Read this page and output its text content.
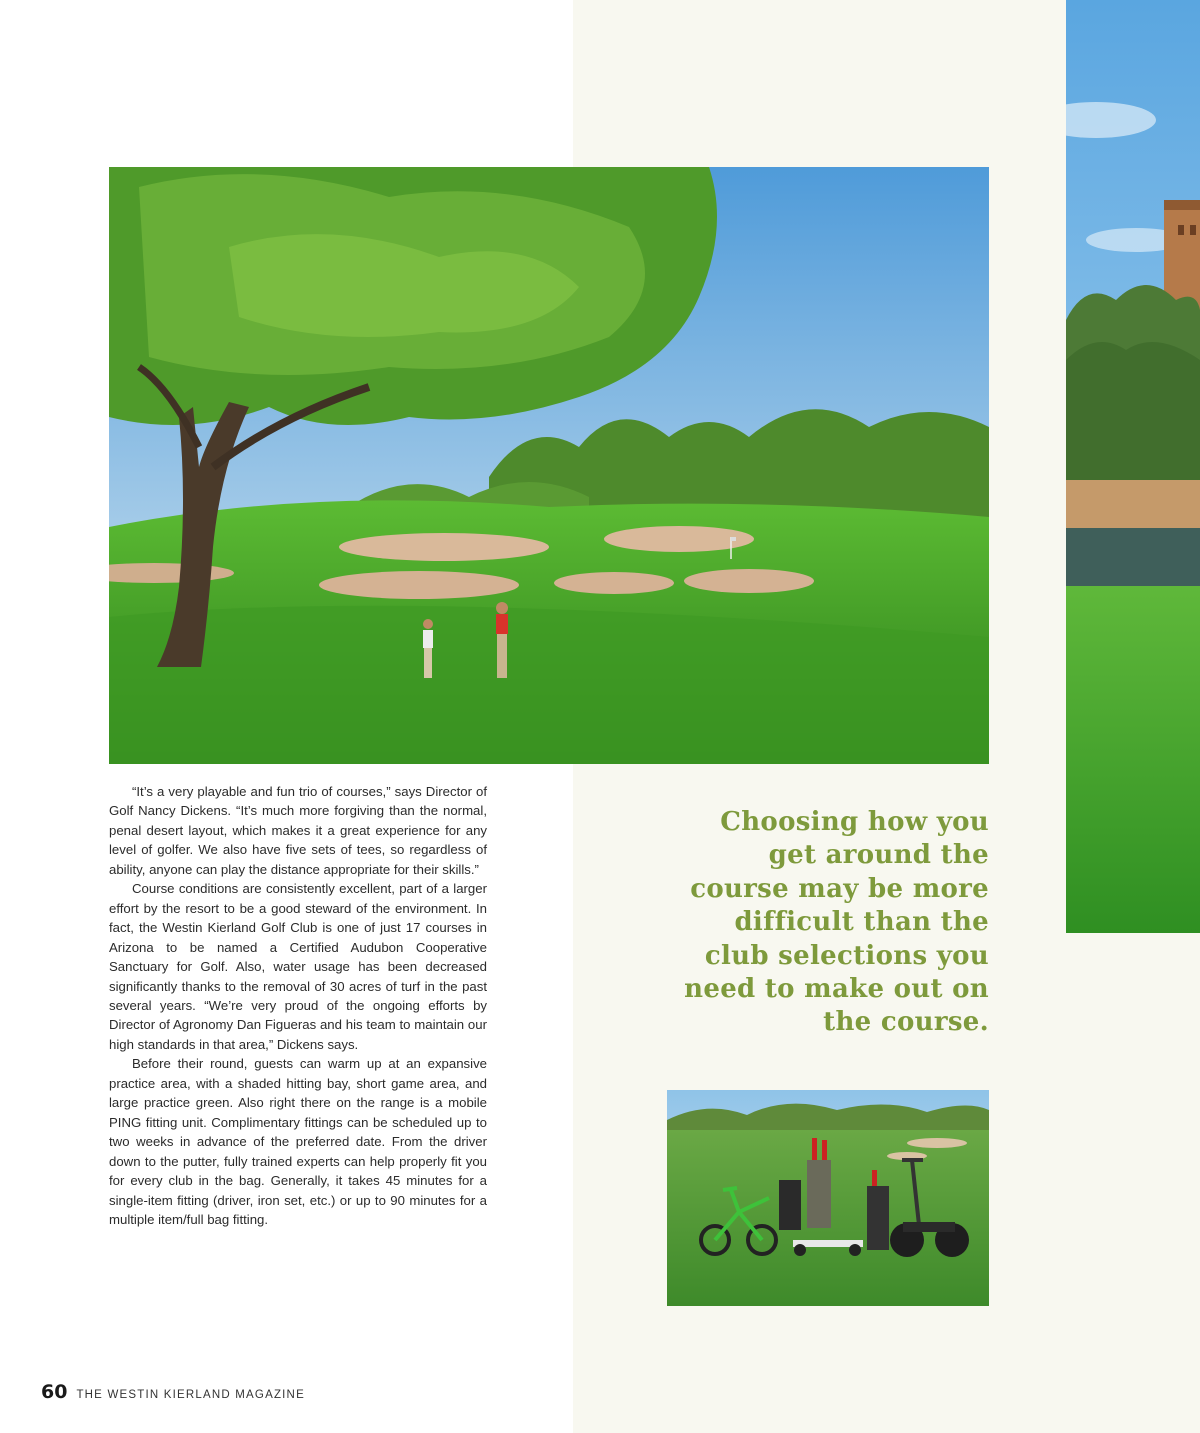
“It’s a very playable and fun trio of courses,” says Director of Golf Nancy Dickens. “It’s much more forgiving than the normal, penal desert layout, which makes it a great experience for any level of golfer. We also have five sets of tees, so regardless of ability, anyone can play the distance appropriate for their skills.”

Course conditions are consistently excellent, part of a larger effort by the resort to be a good steward of the environment. In fact, the Westin Kierland Golf Club is one of just 17 courses in Arizona to be named a Certified Audubon Cooperative Sanctuary for Golf. Also, water usage has been decreased significantly thanks to the removal of 30 acres of turf in the past several years. “We’re very proud of the ongoing efforts by Director of Agronomy Dan Figueras and his team to maintain our high standards in that area,” Dickens says.

Before their round, guests can warm up at an expansive practice area, with a shaded hitting bay, short game area, and large practice green. Also right there on the range is a mobile PING fitting unit. Complimentary fittings can be scheduled up to two weeks in advance of the preferred date. From the driver down to the putter, fully trained experts can help properly fit you for every club in the bag. Generally, it takes 45 minutes for a single-item fitting (driver, iron set, etc.) or up to 90 minutes for a multiple item/full bag fitting.

Choosing how you get around the course may be more difficult than the club selections you need to make out on the course.

60 THE WESTIN KIERLAND MAGAZINE
